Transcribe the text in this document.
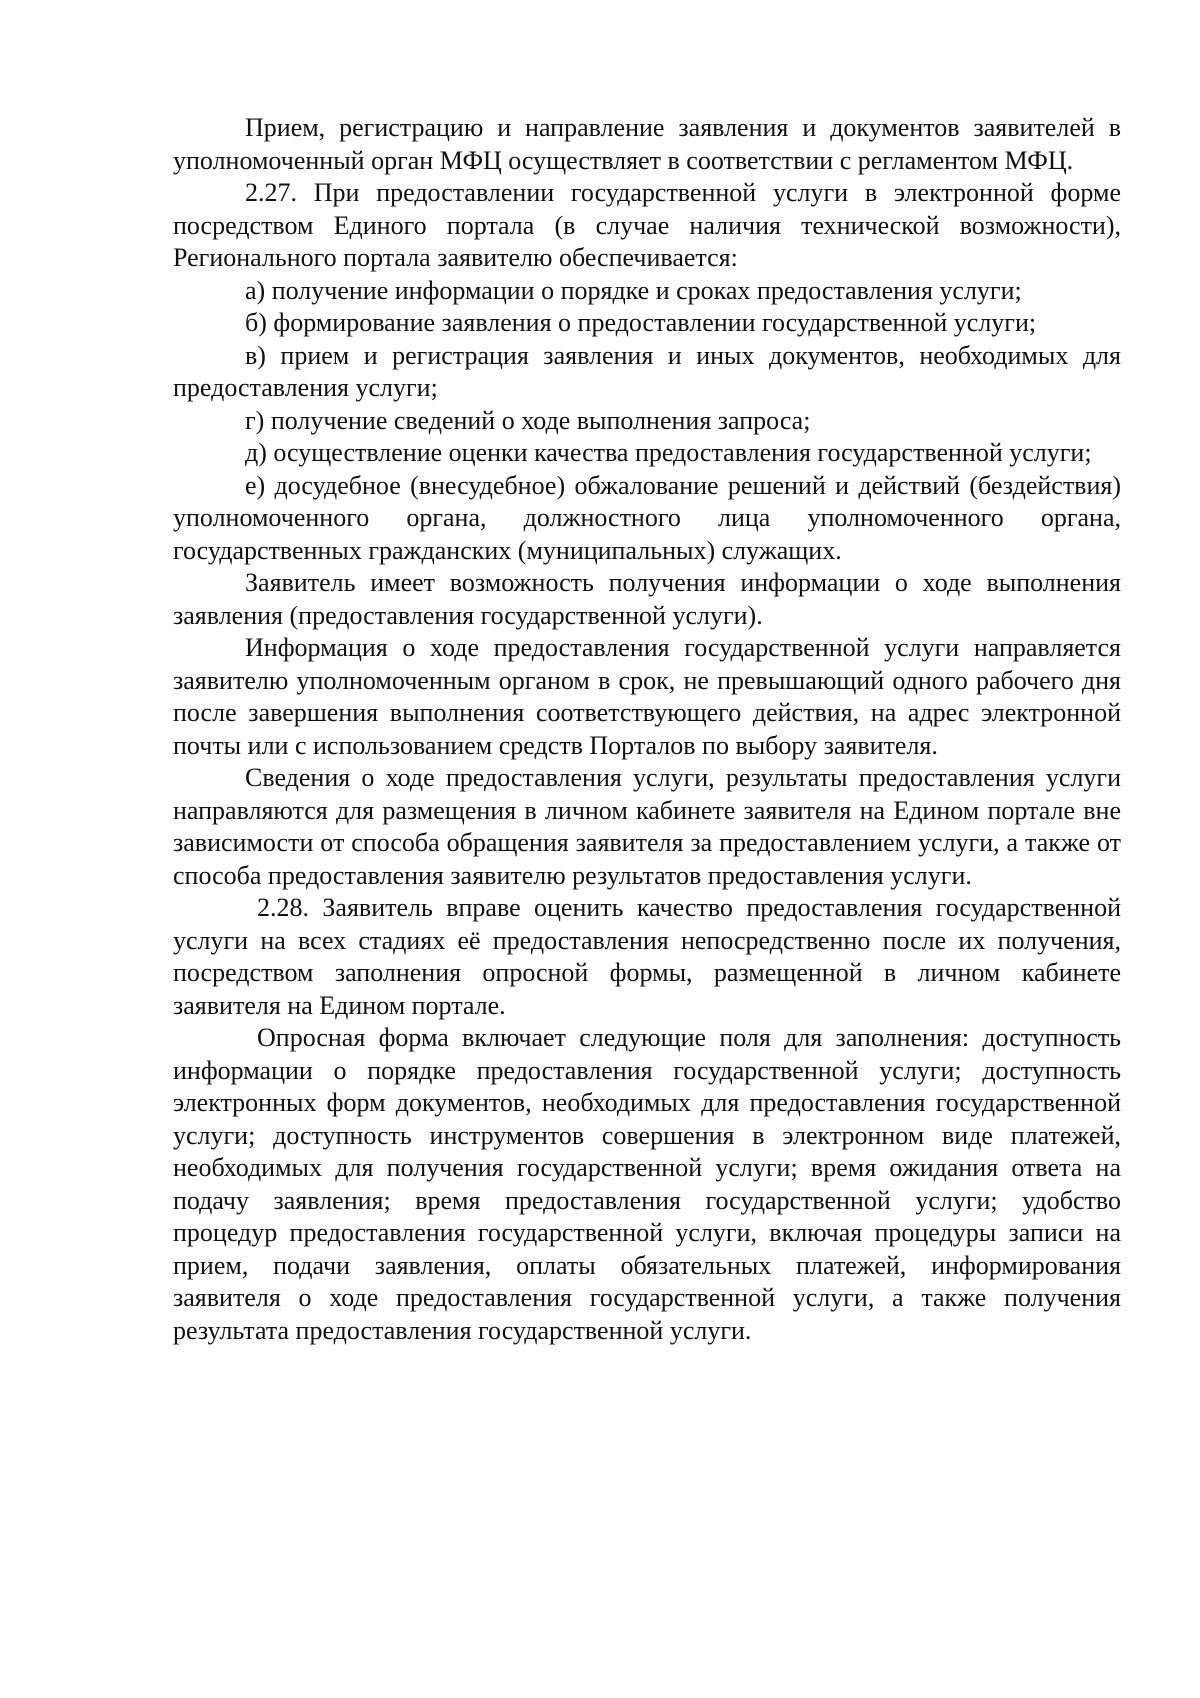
Прием, регистрацию и направление заявления и документов заявителей в уполномоченный орган МФЦ осуществляет в соответствии с регламентом МФЦ.

2.27. При предоставлении государственной услуги в электронной форме посредством Единого портала (в случае наличия технической возможности), Регионального портала заявителю обеспечивается:

а) получение информации о порядке и сроках предоставления услуги;

б) формирование заявления о предоставлении государственной услуги;

в) прием и регистрация заявления и иных документов, необходимых для предоставления услуги;

г) получение сведений о ходе выполнения запроса;

д) осуществление оценки качества предоставления государственной услуги;

е) досудебное (внесудебное) обжалование решений и действий (бездействия) уполномоченного органа, должностного лица уполномоченного органа, государственных гражданских (муниципальных) служащих.

Заявитель имеет возможность получения информации о ходе выполнения заявления (предоставления государственной услуги).

Информация о ходе предоставления государственной услуги направляется заявителю уполномоченным органом в срок, не превышающий одного рабочего дня после завершения выполнения соответствующего действия, на адрес электронной почты или с использованием средств Порталов по выбору заявителя.

Сведения о ходе предоставления услуги, результаты предоставления услуги направляются для размещения в личном кабинете заявителя на Едином портале вне зависимости от способа обращения заявителя за предоставлением услуги, а также от способа предоставления заявителю результатов предоставления услуги.

2.28. Заявитель вправе оценить качество предоставления государственной услуги на всех стадиях её предоставления непосредственно после их получения, посредством заполнения опросной формы, размещенной в личном кабинете заявителя на Едином портале.

Опросная форма включает следующие поля для заполнения: доступность информации о порядке предоставления государственной услуги; доступность электронных форм документов, необходимых для предоставления государственной услуги; доступность инструментов совершения в электронном виде платежей, необходимых для получения государственной услуги; время ожидания ответа на подачу заявления; время предоставления государственной услуги; удобство процедур предоставления государственной услуги, включая процедуры записи на прием, подачи заявления, оплаты обязательных платежей, информирования заявителя о ходе предоставления государственной услуги, а также получения результата предоставления государственной услуги.
